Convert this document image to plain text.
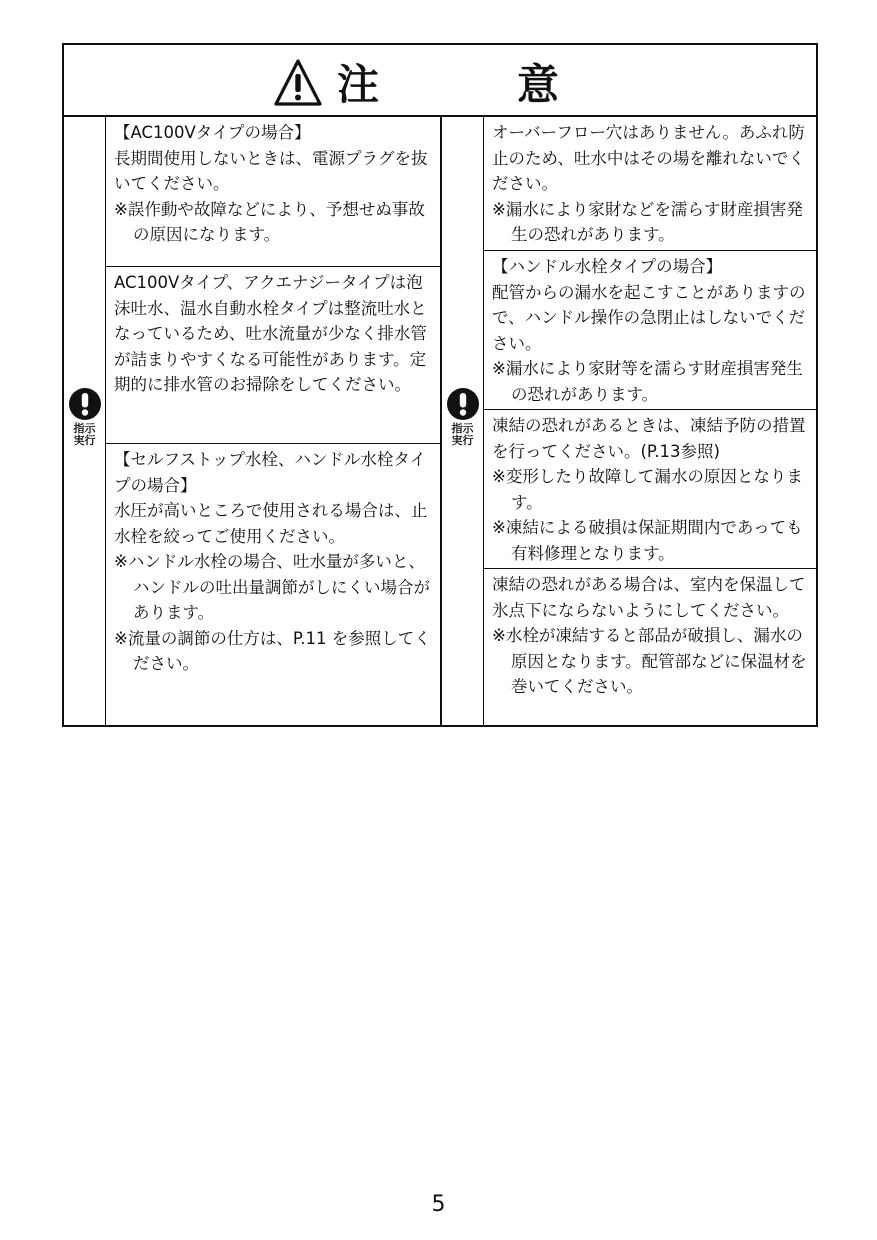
注　意
指示
実行
指示
実行

【AC100Vタイプの場合】

長期間使用しないときは、電源プラグを抜いてください。

※誤作動や故障などにより、予想せぬ事故の原因になります。

AC100Vタイプ、アクエナジータイプは泡沫吐水、温水自動水栓タイプは整流吐水となっているため、吐水流量が少なく排水管が詰まりやすくなる可能性があります。定期的に排水管のお掃除をしてください。

【セルフストップ水栓、ハンドル水栓タイプの場合】

水圧が高いところで使用される場合は、止水栓を絞ってご使用ください。

※ハンドル水栓の場合、吐水量が多いと、ハンドルの吐出量調節がしにくい場合があります。

※流量の調節の仕方は、P.11 を参照してください。

オーバーフロー穴はありません。あふれ防止のため、吐水中はその場を離れないでください。

※漏水により家財などを濡らす財産損害発生の恐れがあります。

【ハンドル水栓タイプの場合】

配管からの漏水を起こすことがありますので、ハンドル操作の急閉止はしないでください。

※漏水により家財等を濡らす財産損害発生の恐れがあります。

凍結の恐れがあるときは、凍結予防の措置を行ってください。(P.13参照)

※変形したり故障して漏水の原因となります。

※凍結による破損は保証期間内であっても有料修理となります。

凍結の恐れがある場合は、室内を保温して氷点下にならないようにしてください。

※水栓が凍結すると部品が破損し、漏水の原因となります。配管部などに保温材を巻いてください。

5
